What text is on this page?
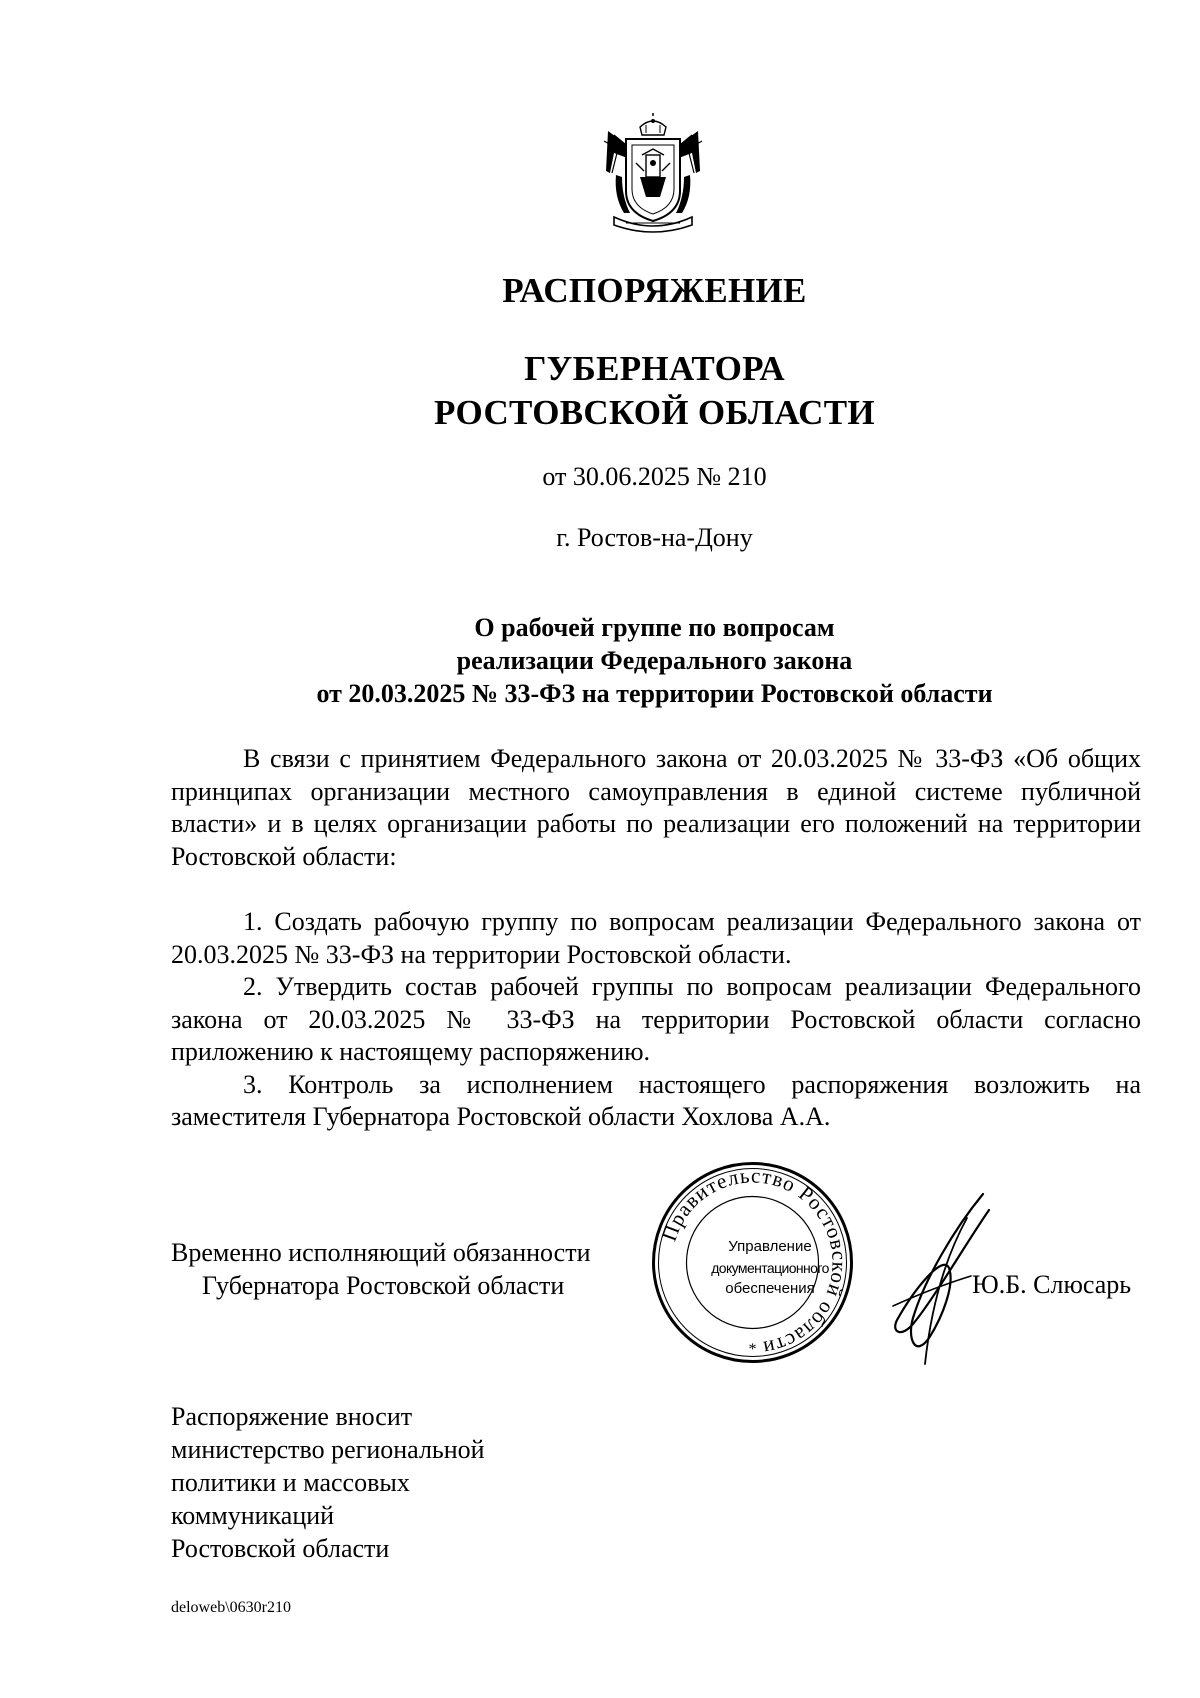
РАСПОРЯЖЕНИЕ
ГУБЕРНАТОРА
РОСТОВСКОЙ ОБЛАСТИ
от 30.06.2025 № 210
г. Ростов-на-Дону
О рабочей группе по вопросам
реализации Федерального закона
от 20.03.2025 № 33-ФЗ на территории Ростовской области

В связи с принятием Федерального закона от 20.03.2025 № 33-ФЗ «Об общих принципах организации местного самоуправления в единой системе публичной власти» и в целях организации работы по реализации его положений на территории Ростовской области:

1. Создать рабочую группу по вопросам реализации Федерального закона от 20.03.2025 № 33-ФЗ на территории Ростовской области.

2. Утвердить состав рабочей группы по вопросам реализации Федерального закона от 20.03.2025 № 33-ФЗ на территории Ростовской области согласно приложению к настоящему распоряжению.

3. Контроль за исполнением настоящего распоряжения возложить на заместителя Губернатора Ростовской области Хохлова А.А.

Временно исполняющий обязанности
Губернатора Ростовской области
Правительство Ростовской области
*
Управление
документационного
обеспечения	Ю.Б. Слюсарь
Распоряжение вносит
министерство региональной
политики и массовых
коммуникаций
Ростовской области
deloweb\0630r210
